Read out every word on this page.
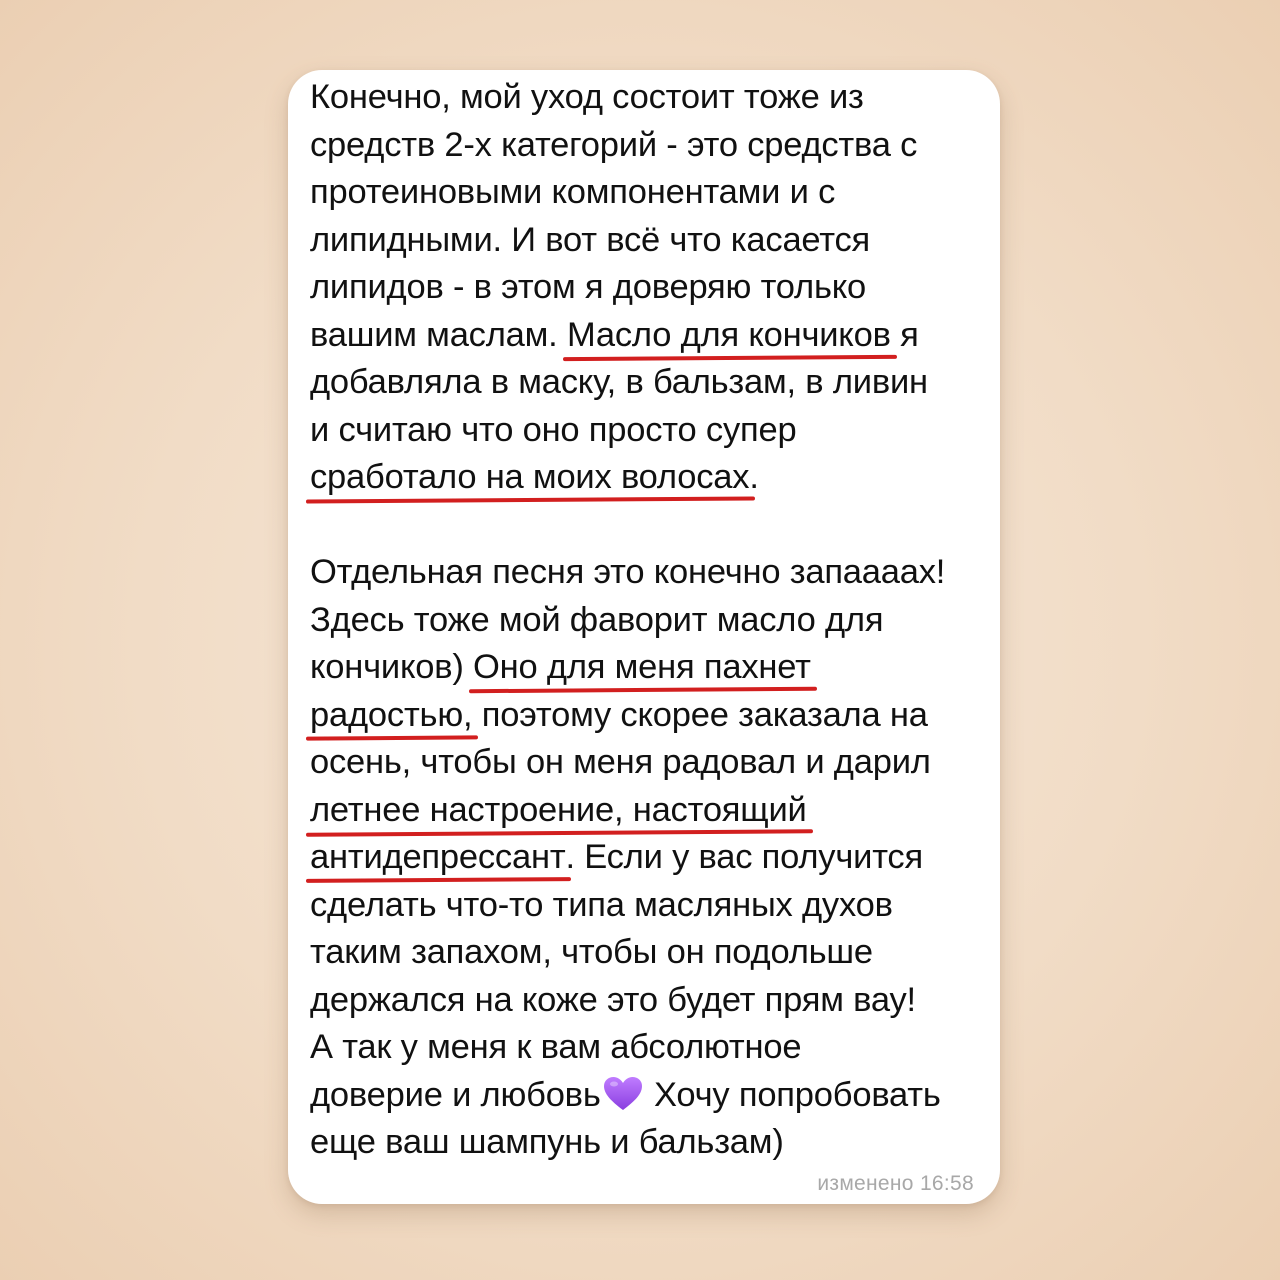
Конечно, мой уход состоит тоже из
средств 2-х категорий - это средства с
протеиновыми компонентами и с
липидными. И вот всё что касается
липидов - в этом я доверяю только
вашим маслам. Масло для кончиков я
добавляла в маску, в бальзам, в ливин
и считаю что оно просто супер
сработало на моих волосах.
Отдельная песня это конечно запаааах!
Здесь тоже мой фаворит масло для
кончиков) Оно для меня пахнет
радостью, поэтому скорее заказала на
осень, чтобы он меня радовал и дарил
летнее настроение, настоящий
антидепрессант. Если у вас получится
сделать что-то типа масляных духов
таким запахом, чтобы он подольше
держался на коже это будет прям вау!
А так у меня к вам абсолютное
доверие и любовь
Хочу попробовать
еще ваш шампунь и бальзам)
изменено 16:58
